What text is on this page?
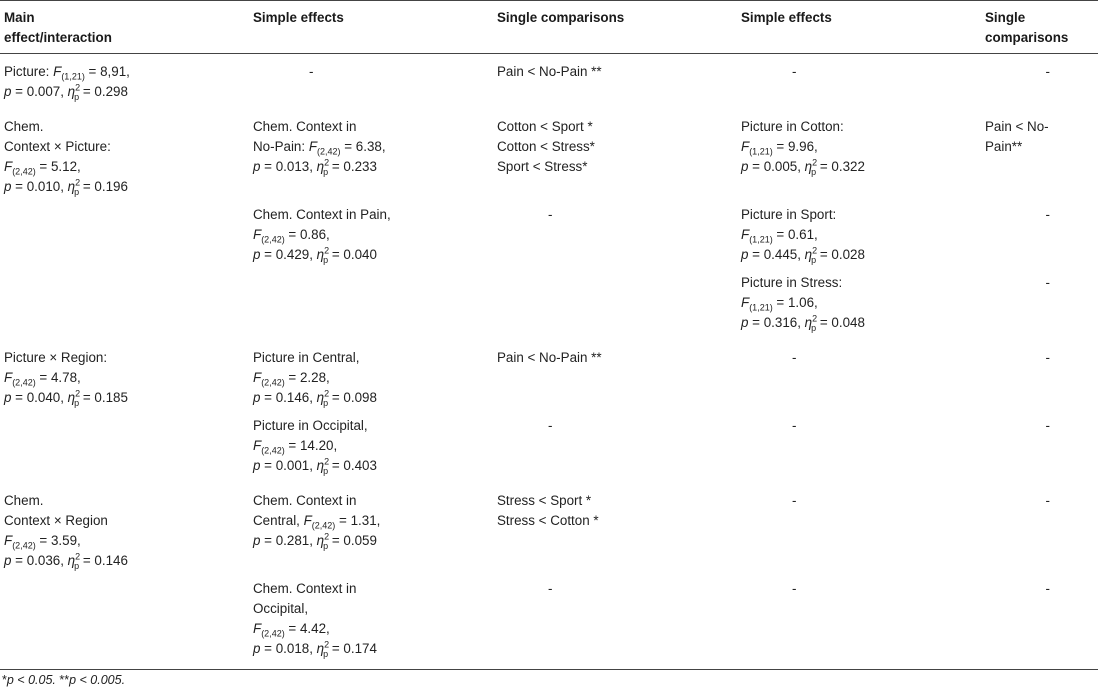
Main
effect/interaction	Simple effects	Single comparisons	Simple effects	Single
comparisons

Picture: $F_{(1,21)} = 8,91$,
p = 0.007, $\eta^2_p = 0.298$	-	Pain < No-Pain **	-	-

Chem.
Context × Picture:
$F_{(2,42)} = 5.12$,
p = 0.010, $\eta^2_p = 0.196$	Chem. Context in
No-Pain: $F_{(2,42)} = 6.38$,
p = 0.013, $\eta^2_p = 0.233$	Cotton < Sport *
Cotton < Stress*
Sport < Stress*	Picture in Cotton:
$F_{(1,21)} = 9.96$,
p = 0.005, $\eta^2_p = 0.322$	Pain < No-
Pain**

	Chem. Context in Pain,
$F_{(2,42)} = 0.86$,
p = 0.429, $\eta^2_p = 0.040$	-	Picture in Sport:
$F_{(1,21)} = 0.61$,
p = 0.445, $\eta^2_p = 0.028$	-

			Picture in Stress:
$F_{(1,21)} = 1.06$,
p = 0.316, $\eta^2_p = 0.048$	-

Picture × Region:
$F_{(2,42)} = 4.78$,
p = 0.040, $\eta^2_p = 0.185$	Picture in Central,
$F_{(2,42)} = 2.28$,
p = 0.146, $\eta^2_p = 0.098$	Pain < No-Pain **	-	-

	Picture in Occipital,
$F_{(2,42)} = 14.20$,
p = 0.001, $\eta^2_p = 0.403$	-	-	-

Chem.
Context × Region
$F_{(2,42)} = 3.59$,
p = 0.036, $\eta^2_p = 0.146$	Chem. Context in
Central, $F_{(2,42)} = 1.31$,
p = 0.281, $\eta^2_p = 0.059$	Stress < Sport *
Stress < Cotton *	-	-

	Chem. Context in
Occipital,
$F_{(2,42)} = 4.42$,
p = 0.018, $\eta^2_p = 0.174$	-	-	-
*p < 0.05. **p < 0.005.
